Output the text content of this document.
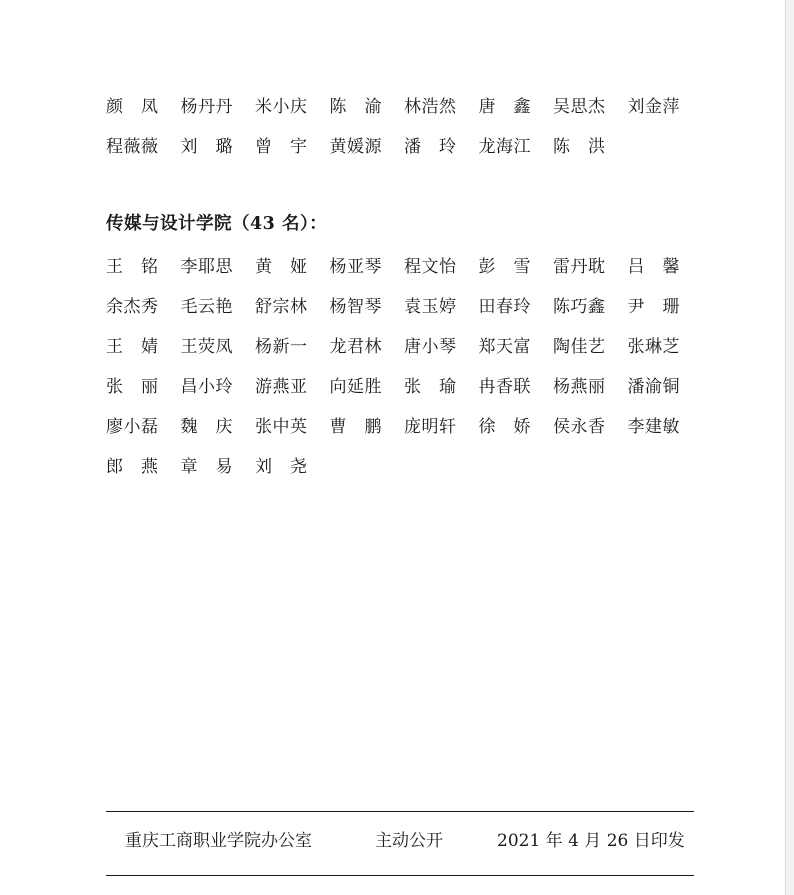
颜　凤	杨丹丹	米小庆	陈　渝	林浩然	唐　鑫	吴思杰	刘金萍
程薇薇	刘　璐	曾　宇	黄媛源	潘　玲	龙海江	陈　洪
传媒与设计学院（43 名）：
王　铭	李耶思	黄　娅	杨亚琴	程文怡	彭　雪	雷丹耽	吕　馨
余杰秀	毛云艳	舒宗林	杨智琴	袁玉婷	田春玲	陈巧鑫	尹　珊
王　婧	王荧凤	杨新一	龙君林	唐小琴	郑天富	陶佳艺	张琳芝
张　丽	昌小玲	游燕亚	向延胜	张　瑜	冉香联	杨燕丽	潘渝铜
廖小磊	魏　庆	张中英	曹　鹏	庞明轩	徐　娇	侯永香	李建敏
郎　燕	章　易	刘　尧
重庆工商职业学院办公室	主动公开	2021 年 4 月 26 日印发
